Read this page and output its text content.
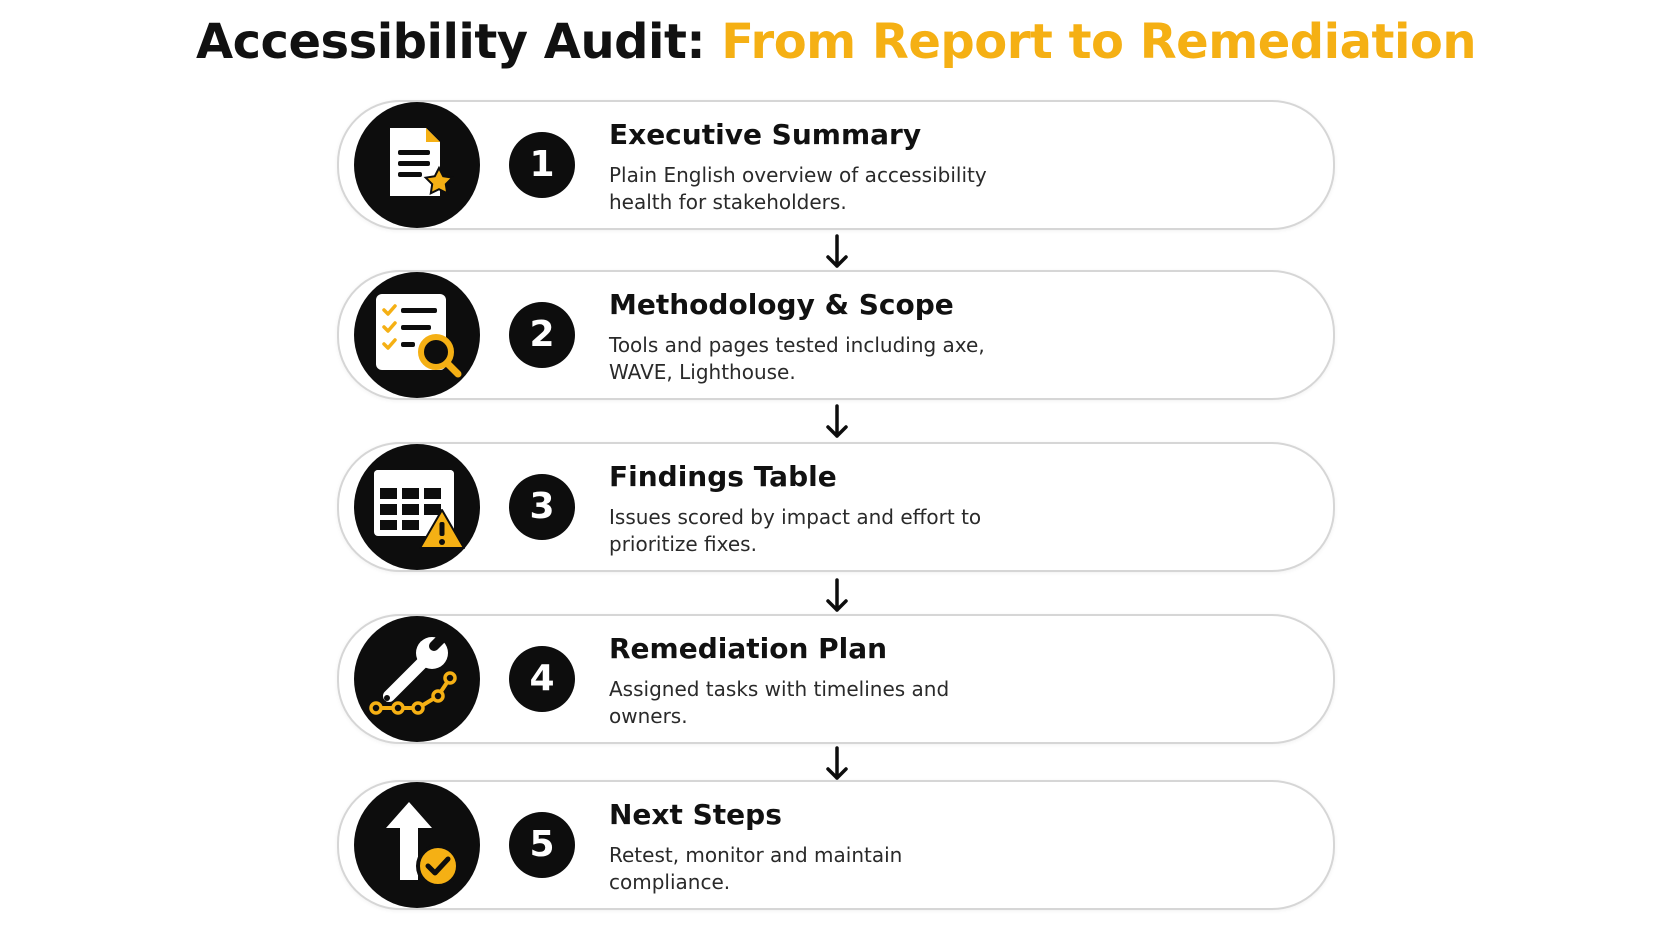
Accessibility Audit: From Report to Remediation
1
Executive Summary
Plain English overview of accessibility health for stakeholders.
2
Methodology & Scope
Tools and pages tested including axe, WAVE, Lighthouse.
3
Findings Table
Issues scored by impact and effort to prioritize fixes.
4
Remediation Plan
Assigned tasks with timelines and owners.
5
Next Steps
Retest, monitor and maintain compliance.
